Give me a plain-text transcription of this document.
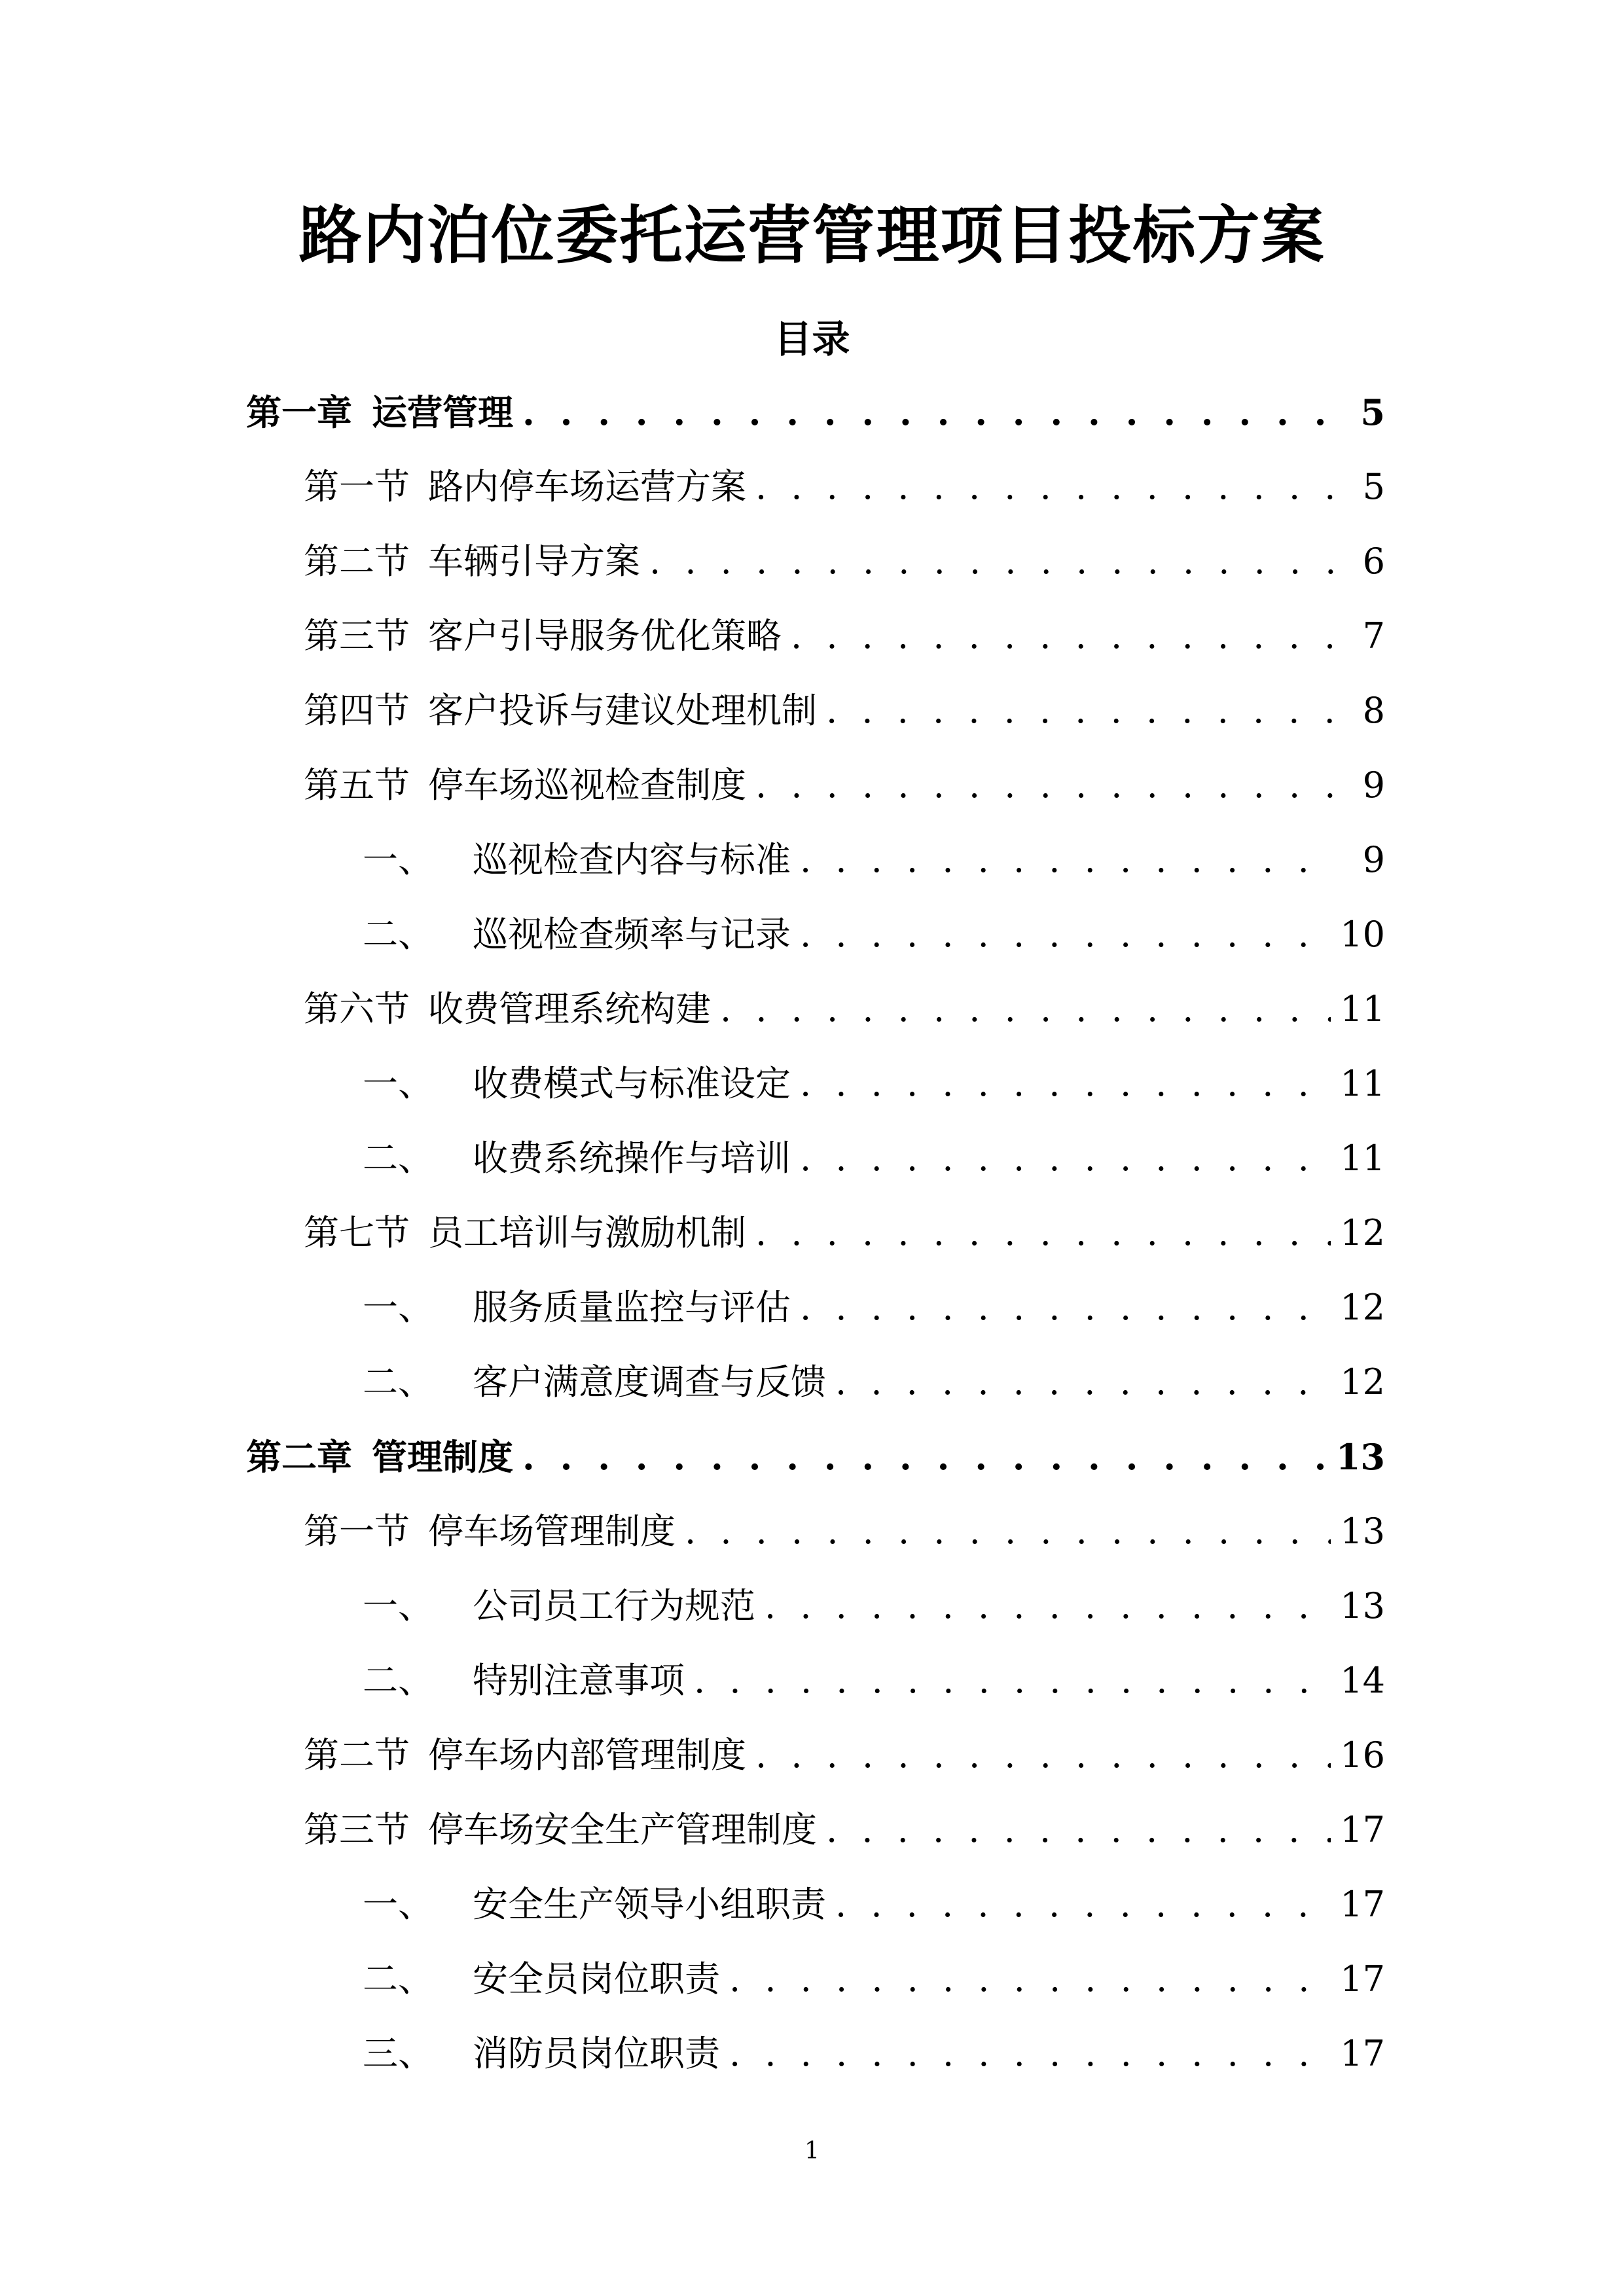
路内泊位委托运营管理项目投标方案
目录
第一章 运营管理 . . .	5
第一节 路内停车场运营方案 . . .	5
第二节 车辆引导方案 . . .	6
第三节 客户引导服务优化策略 . . .	7
第四节 客户投诉与建议处理机制 . . .	8
第五节 停车场巡视检查制度 . . .	9
一、 巡视检查内容与标准 . . .	9
二、 巡视检查频率与记录 . . .	10
第六节 收费管理系统构建 . . .	11
一、 收费模式与标准设定 . . .	11
二、 收费系统操作与培训 . . .	11
第七节 员工培训与激励机制 . . .	12
一、 服务质量监控与评估 . . .	12
二、 客户满意度调查与反馈 . . .	12
第二章 管理制度 . . .	13
第一节 停车场管理制度 . . .	13
一、 公司员工行为规范 . . .	13
二、 特别注意事项 . . .	14
第二节 停车场内部管理制度 . . .	16
第三节 停车场安全生产管理制度 . . .	17
一、 安全生产领导小组职责 . . .	17
二、 安全员岗位职责 . . .	17
三、 消防员岗位职责 . . .	17
1
